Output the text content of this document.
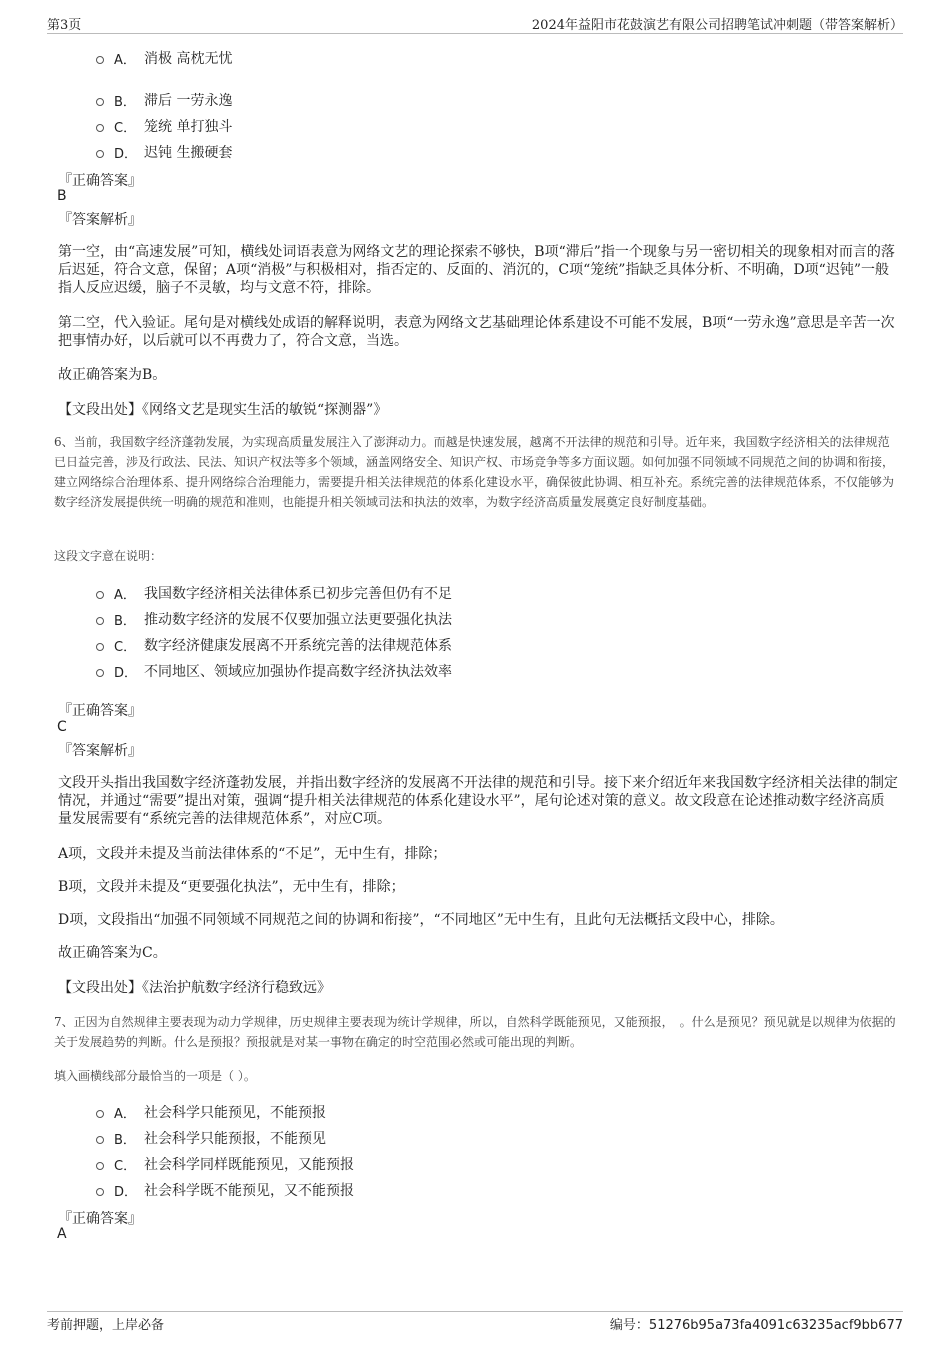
第3页	2024年益阳市花鼓演艺有限公司招聘笔试冲刺题（带答案解析）
A． 消极 高枕无忧
B． 滞后 一劳永逸
C． 笼统 单打独斗
D． 迟钝 生搬硬套
『正确答案』
B
『答案解析』
第一空，由“高速发展”可知，横线处词语表意为网络文艺的理论探索不够快，B项“滞后”指一个现象与另一密切相关的现象相对而言的落后迟延，符合文意，保留；A项“消极”与积极相对，指否定的、反面的、消沉的，C项“笼统”指缺乏具体分析、不明确，D项“迟钝”一般指人反应迟缓，脑子不灵敏，均与文意不符，排除。
第二空，代入验证。尾句是对横线处成语的解释说明，表意为网络文艺基础理论体系建设不可能不发展，B项“一劳永逸”意思是辛苦一次把事情办好，以后就可以不再费力了，符合文意，当选。
故正确答案为B。
【文段出处】《网络文艺是现实生活的敏锐“探测器”》
6、当前，我国数字经济蓬勃发展，为实现高质量发展注入了澎湃动力。而越是快速发展，越离不开法律的规范和引导。近年来，我国数字经济相关的法律规范已日益完善，涉及行政法、民法、知识产权法等多个领域，涵盖网络安全、知识产权、市场竞争等多方面议题。如何加强不同领域不同规范之间的协调和衔接，建立网络综合治理体系、提升网络综合治理能力，需要提升相关法律规范的体系化建设水平，确保彼此协调、相互补充。系统完善的法律规范体系，不仅能够为数字经济发展提供统一明确的规范和准则，也能提升相关领域司法和执法的效率，为数字经济高质量发展奠定良好制度基础。
这段文字意在说明：
A． 我国数字经济相关法律体系已初步完善但仍有不足
B． 推动数字经济的发展不仅要加强立法更要强化执法
C． 数字经济健康发展离不开系统完善的法律规范体系
D． 不同地区、领域应加强协作提高数字经济执法效率
『正确答案』
C
『答案解析』
文段开头指出我国数字经济蓬勃发展，并指出数字经济的发展离不开法律的规范和引导。接下来介绍近年来我国数字经济相关法律的制定情况，并通过“需要”提出对策，强调“提升相关法律规范的体系化建设水平”，尾句论述对策的意义。故文段意在论述推动数字经济高质量发展需要有“系统完善的法律规范体系”，对应C项。
A项，文段并未提及当前法律体系的“不足”，无中生有，排除；
B项，文段并未提及“更要强化执法”，无中生有，排除；
D项，文段指出“加强不同领域不同规范之间的协调和衔接”，“不同地区”无中生有，且此句无法概括文段中心，排除。
故正确答案为C。
【文段出处】《法治护航数字经济行稳致远》
7、正因为自然规律主要表现为动力学规律，历史规律主要表现为统计学规律，所以，自然科学既能预见，又能预报，　。什么是预见？预见就是以规律为依据的关于发展趋势的判断。什么是预报？预报就是对某一事物在确定的时空范围必然或可能出现的判断。
填入画横线部分最恰当的一项是（ ）。
A． 社会科学只能预见，不能预报
B． 社会科学只能预报，不能预见
C． 社会科学同样既能预见，又能预报
D． 社会科学既不能预见，又不能预报
『正确答案』
A
考前押题，上岸必备	编号：51276b95a73fa4091c63235acf9bb677
